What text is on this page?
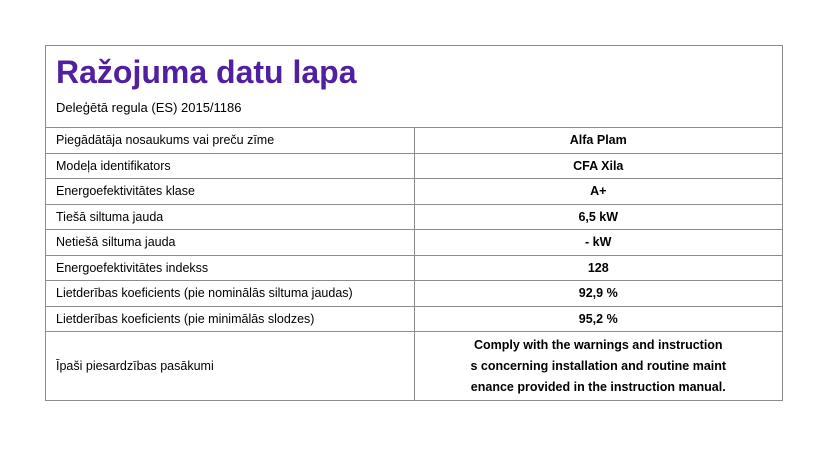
Ražojuma datu lapa
Deleģētā regula (ES) 2015/1186
Piegādātāja nosaukums vai preču zīme	Alfa Plam
Modeļa identifikators	CFA Xila
Energoefektivitātes klase	A+
Tiešā siltuma jauda	6,5 kW
Netiešā siltuma jauda	- kW
Energoefektivitātes indekss	128
Lietderības koeficients (pie nominālās siltuma jaudas)	92,9 %
Lietderības koeficients (pie minimālās slodzes)	95,2 %
Īpaši piesardzības pasākumi	Comply with the warnings and instruction
s concerning installation and routine maint
enance provided in the instruction manual.
